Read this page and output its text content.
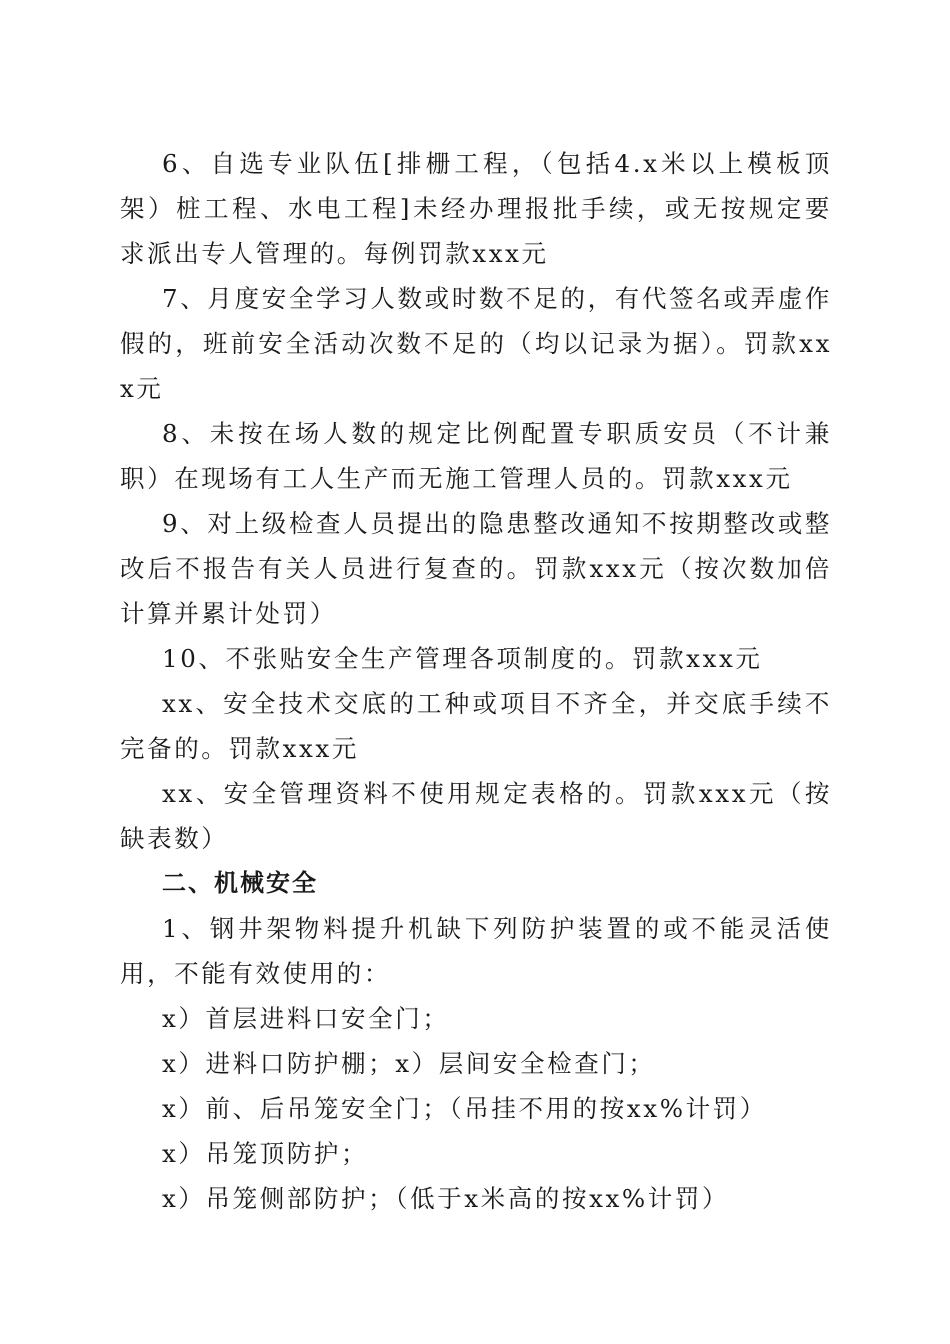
6、自选专业队伍[排栅工程，（包括4.x米以上模板顶架）桩工程、水电工程]未经办理报批手续，或无按规定要求派出专人管理的。每例罚款xxx元

7、月度安全学习人数或时数不足的，有代签名或弄虚作假的，班前安全活动次数不足的（均以记录为据）。罚款xxx元

8、未按在场人数的规定比例配置专职质安员（不计兼职）在现场有工人生产而无施工管理人员的。罚款xxx元

9、对上级检查人员提出的隐患整改通知不按期整改或整改后不报告有关人员进行复查的。罚款xxx元（按次数加倍计算并累计处罚）

10、不张贴安全生产管理各项制度的。罚款xxx元

xx、安全技术交底的工种或项目不齐全，并交底手续不完备的。罚款xxx元

xx、安全管理资料不使用规定表格的。罚款xxx元（按缺表数）

二、机械安全

1、钢井架物料提升机缺下列防护装置的或不能灵活使用，不能有效使用的：

x）首层进料口安全门；

x）进料口防护棚；x）层间安全检查门；

x）前、后吊笼安全门；（吊挂不用的按xx%计罚）

x）吊笼顶防护；

x）吊笼侧部防护；（低于x米高的按xx%计罚）
